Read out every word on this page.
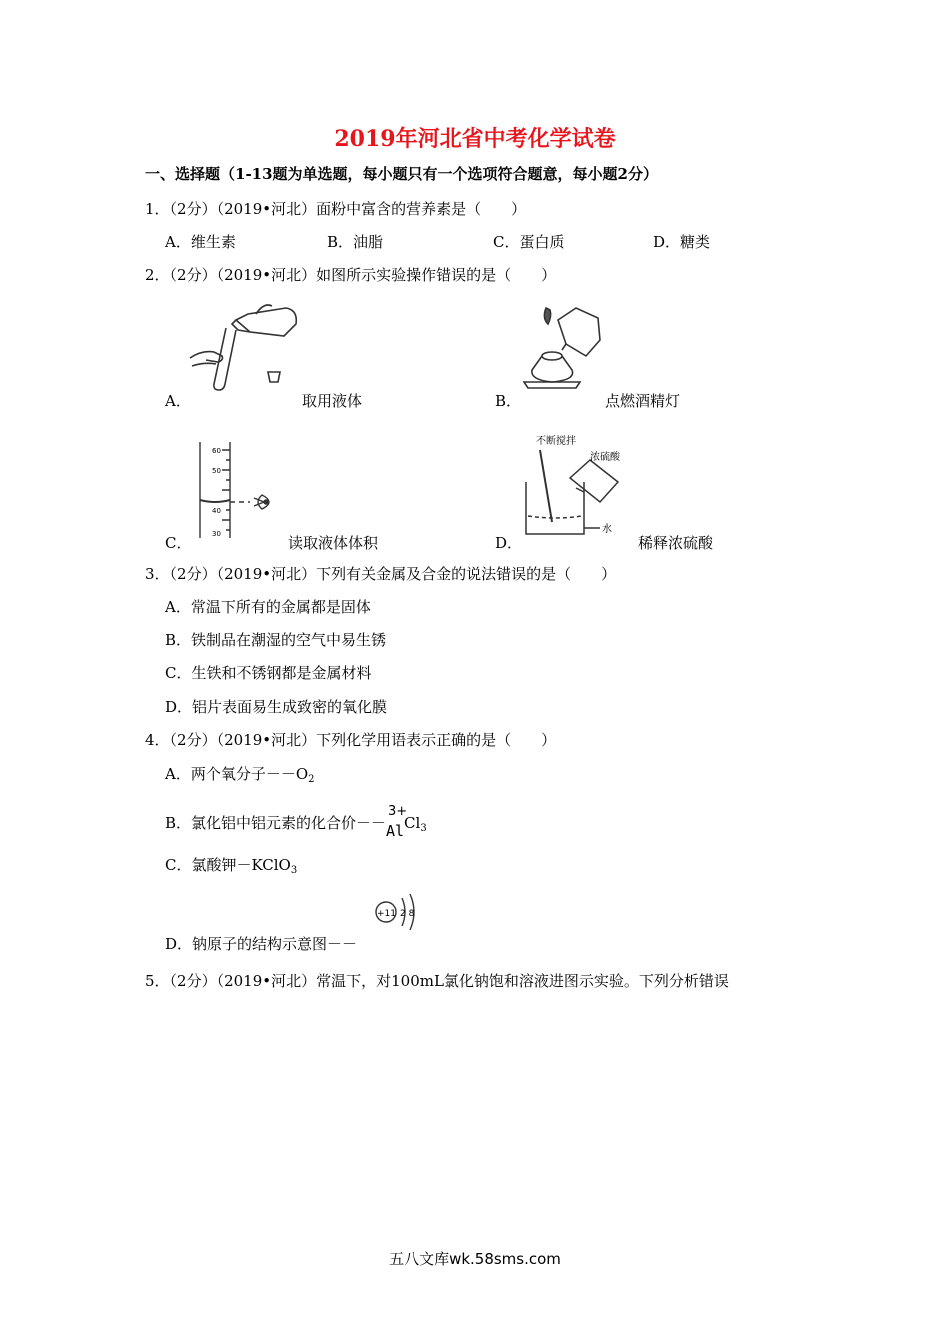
2019年河北省中考化学试卷
一、选择题（1-13题为单选题，每小题只有一个选项符合题意，每小题2分）
1．（2分）（2019•河北）面粉中富含的营养素是（　　）
A．维生素	B．油脂	C．蛋白质	D．糖类
2．（2分）（2019•河北）如图所示实验操作错误的是（　　）
A．	取用液体	B．	点燃酒精灯
60
50
40
30
C．	读取液体体积
不断搅拌
浓硫酸
水
D．	稀释浓硫酸
3．（2分）（2019•河北）下列有关金属及合金的说法错误的是（　　）
A．常温下所有的金属都是固体
B．铁制品在潮湿的空气中易生锈
C．生铁和不锈钢都是金属材料
D．铝片表面易生成致密的氧化膜
4．（2分）（2019•河北）下列化学用语表示正确的是（　　）
A．两个氧分子$--O_2$
B．氯化铝中铝元素的化合价－－
3+
Al $Cl_3$
C．氯酸钾－KClO$_3$
+11 2 8
D．钠原子的结构示意图－－
5．（2分）（2019•河北）常温下，对100mL氯化钠饱和溶液进图示实验。下列分析错误
五八文库wk.58sms.com
